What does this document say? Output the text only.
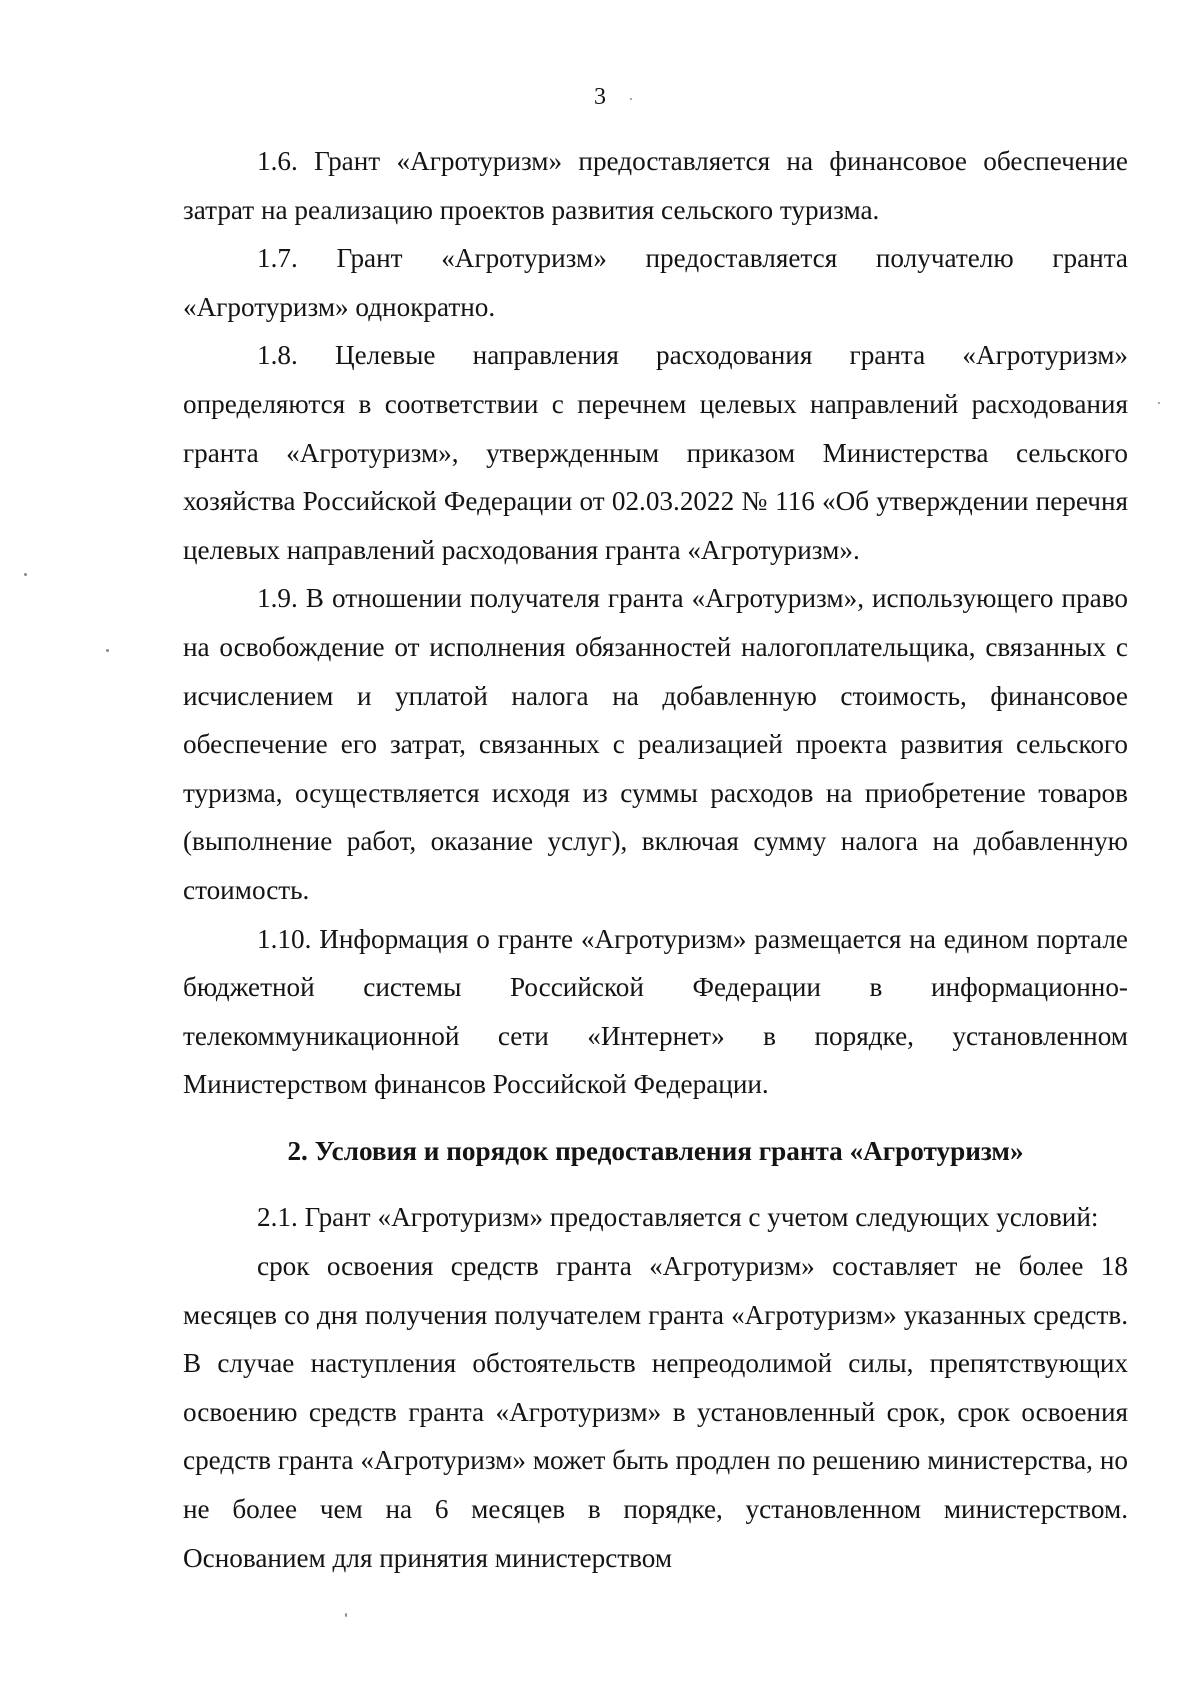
3

1.6. Грант «Агротуризм» предоставляется на финансовое обеспечение затрат на реализацию проектов развития сельского туризма.

1.7. Грант «Агротуризм» предоставляется получателю гранта «Агротуризм» однократно.

1.8. Целевые направления расходования гранта «Агротуризм» определяются в соответствии с перечнем целевых направлений расходования гранта «Агротуризм», утвержденным приказом Министерства сельского хозяйства Российской Федерации от 02.03.2022 № 116 «Об утверждении перечня целевых направлений расходования гранта «Агротуризм».

1.9. В отношении получателя гранта «Агротуризм», использующего право на освобождение от исполнения обязанностей налогоплательщика, связанных с исчислением и уплатой налога на добавленную стоимость, финансовое обеспечение его затрат, связанных с реализацией проекта развития сельского туризма, осуществляется исходя из суммы расходов на приобретение товаров (выполнение работ, оказание услуг), включая сумму налога на добавленную стоимость.

1.10. Информация о гранте «Агротуризм» размещается на едином портале бюджетной системы Российской Федерации в информационно-телекоммуникационной сети «Интернет» в порядке, установленном Министерством финансов Российской Федерации.

2. Условия и порядок предоставления гранта «Агротуризм»

2.1. Грант «Агротуризм» предоставляется с учетом следующих условий:

срок освоения средств гранта «Агротуризм» составляет не более 18 месяцев со дня получения получателем гранта «Агротуризм» указанных средств. В случае наступления обстоятельств непреодолимой силы, препятствующих освоению средств гранта «Агротуризм» в установленный срок, срок освоения средств гранта «Агротуризм» может быть продлен по решению министерства, но не более чем на 6 месяцев в порядке, установленном министерством. Основанием для принятия министерством
